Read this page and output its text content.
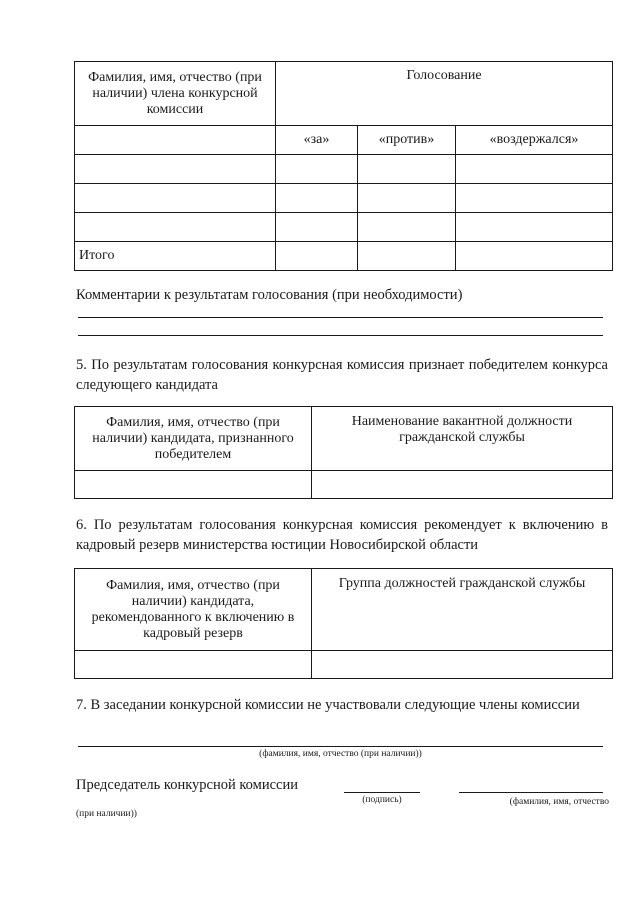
Фамилия, имя, отчество (при наличии) члена конкурсной комиссии	Голосование		
	«за»	«против»	«воздержался»

Итого			
Комментарии к результатам голосования (при необходимости)
5. По результатам голосования конкурсная комиссия признает победителем конкурса следующего кандидата
Фамилия, имя, отчество (при наличии) кандидата, признанного победителем	Наименование вакантной должности гражданской службы

6. По результатам голосования конкурсная комиссия рекомендует к включению в кадровый резерв министерства юстиции Новосибирской области
Фамилия, имя, отчество (при наличии) кандидата, рекомендованного к включению в кадровый резерв	Группа должностей гражданской службы

7. В заседании конкурсной комиссии не участвовали следующие члены комиссии
(фамилия, имя, отчество (при наличии))
Председатель конкурсной комиссии
(подпись)	(фамилия, имя, отчество
(при наличии))
